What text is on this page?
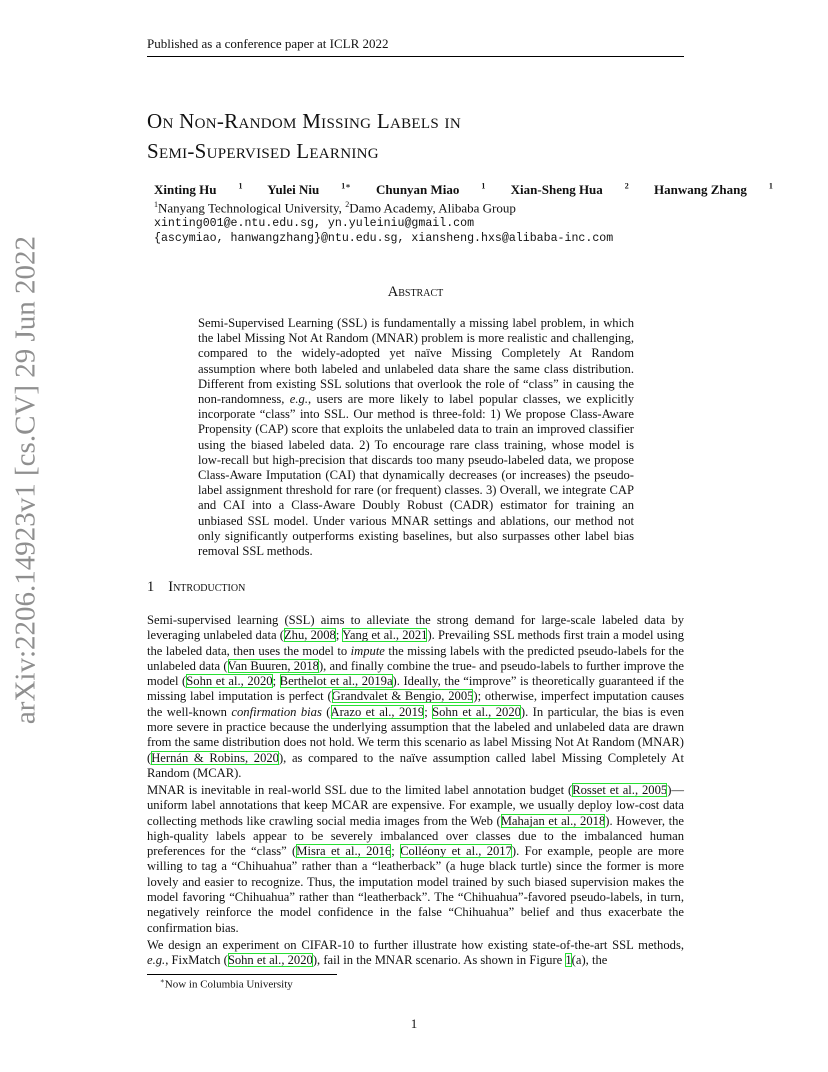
Published as a conference paper at ICLR 2022
On Non-Random Missing Labels in
Semi-Supervised Learning
Xinting Hu	$^1$ Yulei Niu	$^{1∗}$ Chunyan Miao	$^1$ Xian-Sheng Hua	$^2$ Hanwang Zhang	$^1$
$^1$Nanyang Technological University, $^2$Damo Academy, Alibaba Group
xinting001@e.ntu.edu.sg, yn.yuleiniu@gmail.com
{ascymiao, hanwangzhang}@ntu.edu.sg, xiansheng.hxs@alibaba-inc.com
arXiv:2206.14923v1 [cs.CV] 29 Jun 2022	Abstract
Semi-Supervised Learning (SSL) is fundamentally a missing label problem, in which the label Missing Not At Random (MNAR) problem is more realistic and challenging, compared to the widely-adopted yet naïve Missing Completely At Random assumption where both labeled and unlabeled data share the same class distribution. Different from existing SSL solutions that overlook the role of “class” in causing the non-randomness, e.g., users are more likely to label popular classes, we explicitly incorporate “class” into SSL. Our method is three-fold: 1) We propose Class-Aware Propensity (CAP) score that exploits the unlabeled data to train an improved classifier using the biased labeled data. 2) To encourage rare class training, whose model is low-recall but high-precision that discards too many pseudo-labeled data, we propose Class-Aware Imputation (CAI) that dynamically decreases (or increases) the pseudo-label assignment threshold for rare (or frequent) classes. 3) Overall, we integrate CAP and CAI into a Class-Aware Doubly Robust (CADR) estimator for training an unbiased SSL model. Under various MNAR settings and ablations, our method not only significantly outperforms existing baselines, but also surpasses other label bias removal SSL methods.
1 Introduction
Semi-supervised learning (SSL) aims to alleviate the strong demand for large-scale labeled data by leveraging unlabeled data (Zhu, 2008; Yang et al., 2021). Prevailing SSL methods first train a model using the labeled data, then uses the model to impute the missing labels with the predicted pseudo-labels for the unlabeled data (Van Buuren, 2018), and finally combine the true- and pseudo-labels to further improve the model (Sohn et al., 2020; Berthelot et al., 2019a). Ideally, the “improve” is theoretically guaranteed if the missing label imputation is perfect (Grandvalet & Bengio, 2005); otherwise, imperfect imputation causes the well-known confirmation bias (Arazo et al., 2019; Sohn et al., 2020). In particular, the bias is even more severe in practice because the underlying assumption that the labeled and unlabeled data are drawn from the same distribution does not hold. We term this scenario as label Missing Not At Random (MNAR) (Hernán & Robins, 2020), as compared to the naïve assumption called label Missing Completely At Random (MCAR).
MNAR is inevitable in real-world SSL due to the limited label annotation budget (Rosset et al., 2005)—uniform label annotations that keep MCAR are expensive. For example, we usually deploy low-cost data collecting methods like crawling social media images from the Web (Mahajan et al., 2018). However, the high-quality labels appear to be severely imbalanced over classes due to the imbalanced human preferences for the “class” (Misra et al., 2016; Colléony et al., 2017). For example, people are more willing to tag a “Chihuahua” rather than a “leatherback” (a huge black turtle) since the former is more lovely and easier to recognize. Thus, the imputation model trained by such biased supervision makes the model favoring “Chihuahua” rather than “leatherback”. The “Chihuahua”-favored pseudo-labels, in turn, negatively reinforce the model confidence in the false “Chihuahua” belief and thus exacerbate the confirmation bias.
We design an experiment on CIFAR-10 to further illustrate how existing state-of-the-art SSL methods, e.g., FixMatch (Sohn et al., 2020), fail in the MNAR scenario. As shown in Figure 1(a), the
∗Now in Columbia University
1
